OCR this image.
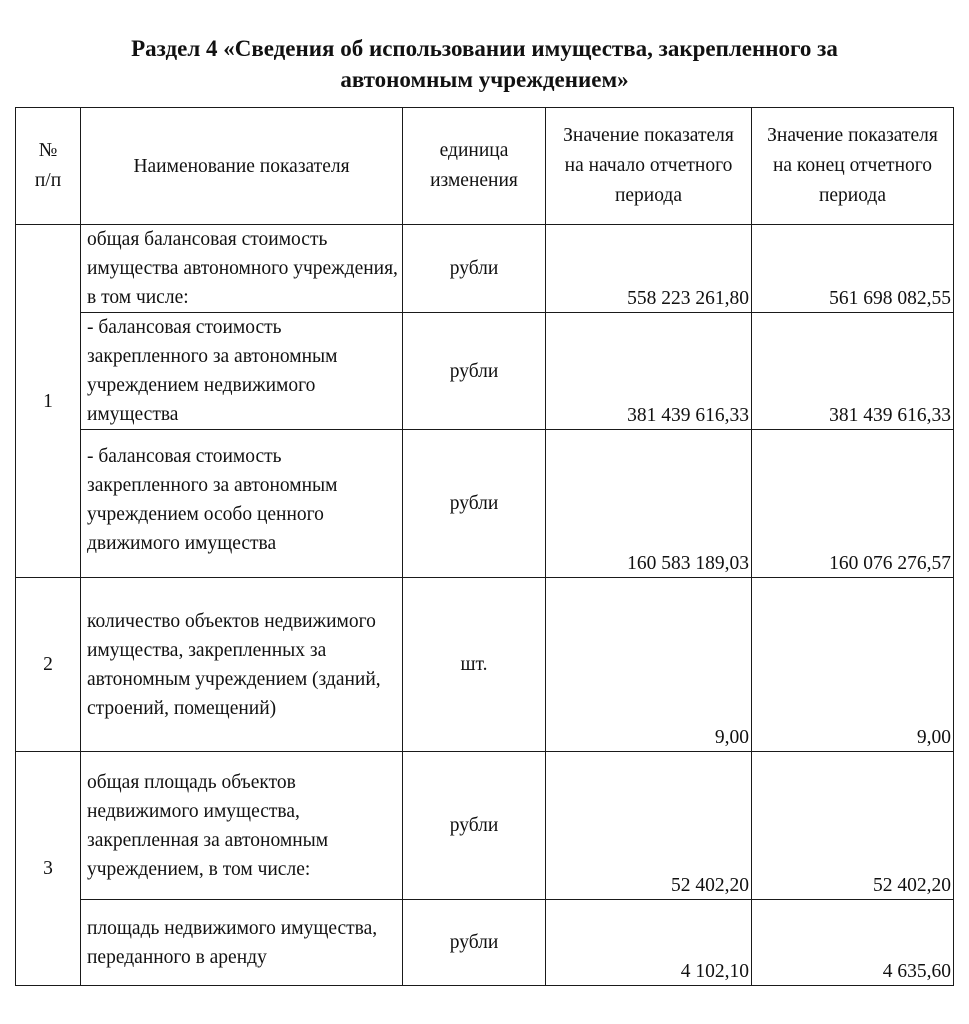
Раздел 4 «Сведения об использовании имущества, закрепленного за
автономным учреждением»
№ п/п	Наименование показателя	единица изменения	Значение показателя на начало отчетного периода	Значение показателя на конец отчетного периода
1	общая балансовая стоимость имущества автономного учреждения, в том числе:	рубли	558 223 261,80	561 698 082,55
	- балансовая стоимость закрепленного за автономным учреждением недвижимого имущества	рубли	381 439 616,33	381 439 616,33
	- балансовая стоимость закрепленного за автономным учреждением особо ценного движимого имущества	рубли	160 583 189,03	160 076 276,57
2	количество объектов недвижимого имущества, закрепленных за автономным учреждением (зданий, строений, помещений)	шт.	9,00	9,00
3	общая площадь объектов недвижимого имущества, закрепленная за автономным учреждением, в том числе:	рубли	52 402,20	52 402,20
	площадь недвижимого имущества, переданного в аренду	рубли	4 102,10	4 635,60
